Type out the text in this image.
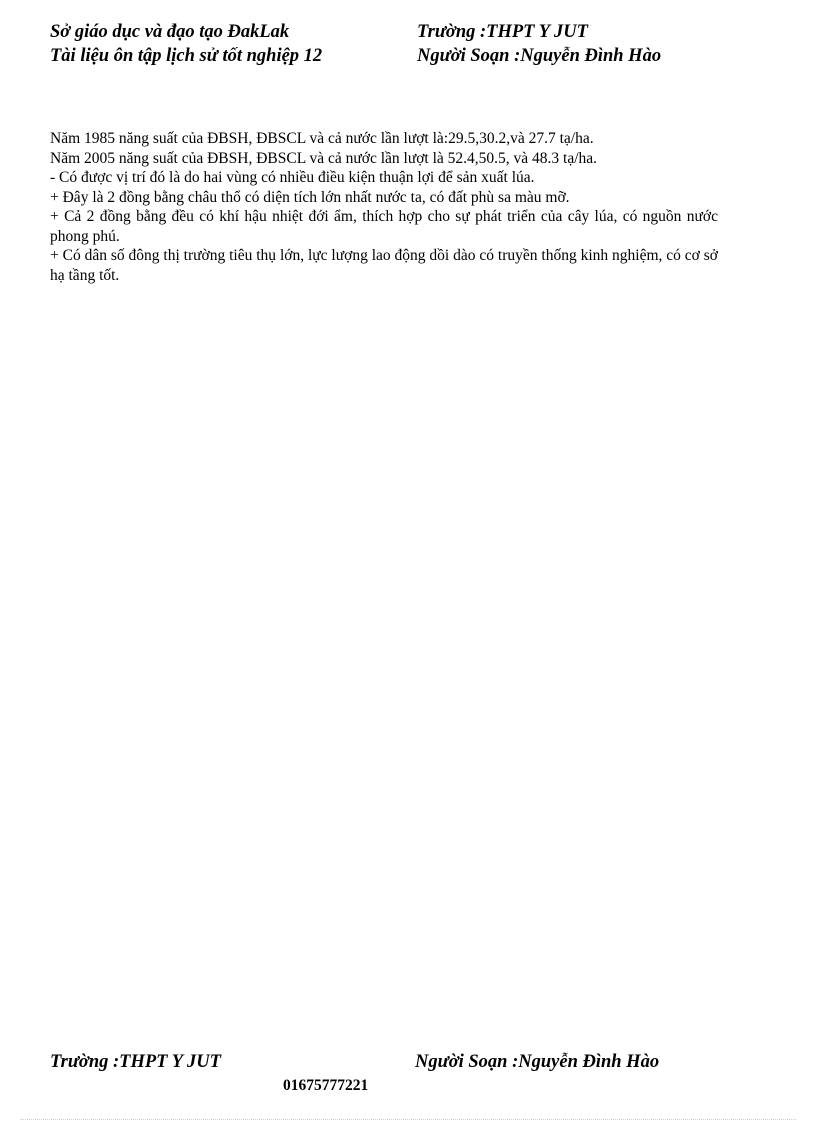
Sở giáo dục và đạo tạo ĐakLak	Trường :THPT Y JUT
Tài liệu ôn tập lịch sử tốt nghiệp 12	Người Soạn :Nguyễn Đình Hào

Năm 1985 năng suất của ĐBSH, ĐBSCL và cả nước lần lượt là:29.5,30.2,và 27.7 tạ/ha.

Năm 2005 năng suất của ĐBSH, ĐBSCL và cả nước lần lượt là 52.4,50.5, và 48.3 tạ/ha.

- Có được vị trí đó là do hai vùng có nhiều điều kiện thuận lợi để sản xuất lúa.

+ Đây là 2 đồng bằng châu thổ có diện tích lớn nhất nước ta, có đất phù sa màu mỡ.

+ Cả 2 đồng bằng đều có khí hậu nhiệt đới ẩm, thích hợp cho sự phát triển của cây lúa, có nguồn nước phong phú.

+ Có dân số đông thị trường tiêu thụ lớn, lực lượng lao động dồi dào có truyền thống kinh nghiệm, có cơ sở hạ tầng tốt.

Trường :THPT Y JUT	Người Soạn :Nguyễn Đình Hào
01675777221
